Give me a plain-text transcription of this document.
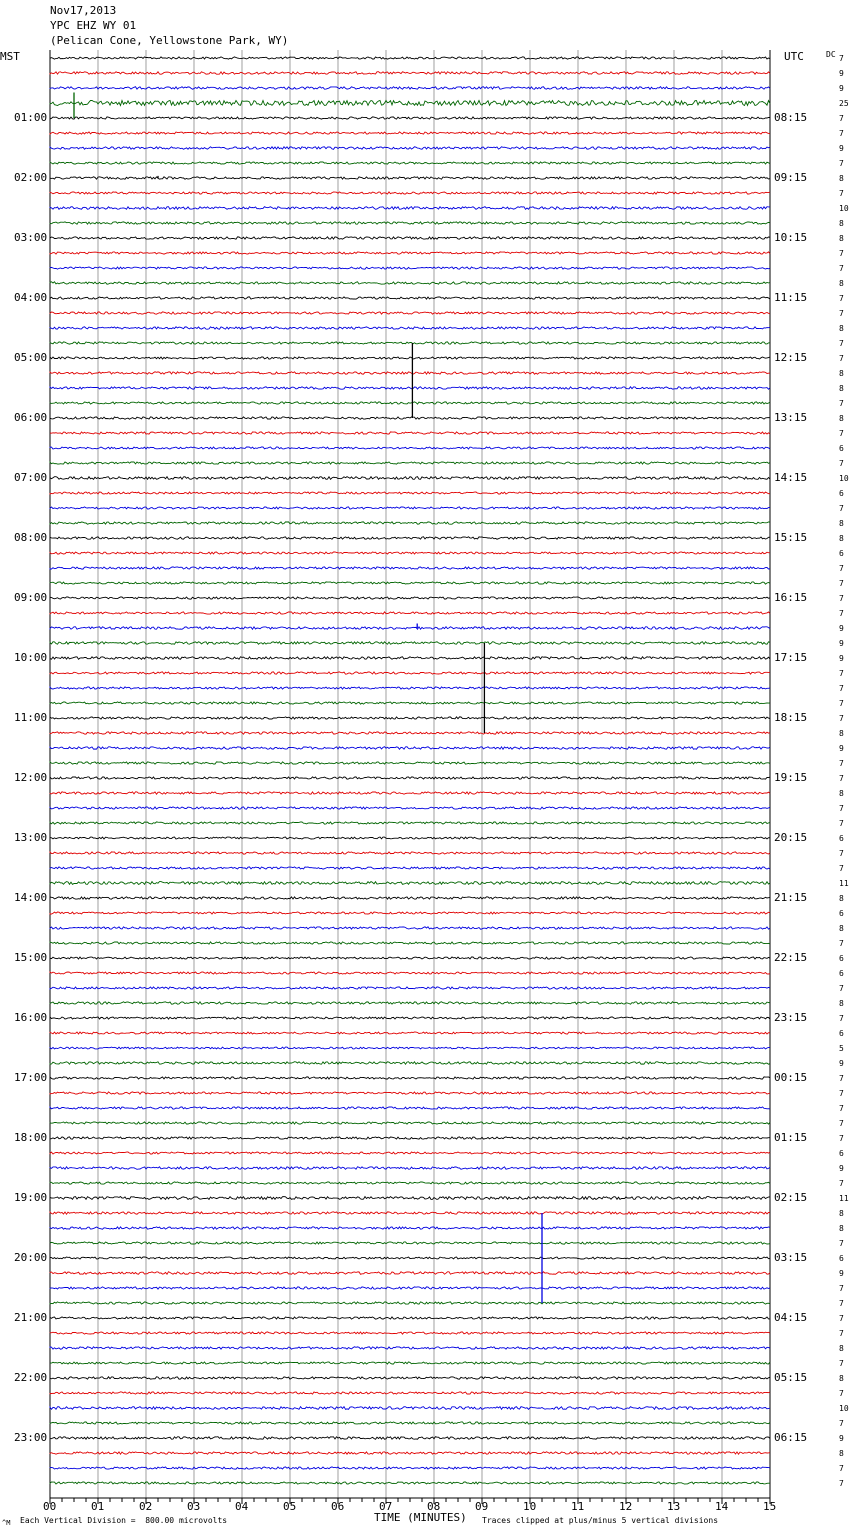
Nov17,2013
YPC EHZ WY 01
(Pelican Cone, Yellowstone Park, WY)
MST	UTC	DC 7
9
9
25
7
01:00	08:15
7
9
7
8
02:00	09:15
7
10
8
8
03:00	10:15
7
7
8
7
04:00	11:15
7
8
7
7
05:00	12:15
8
8
7
8
06:00	13:15
7
6
7
10
07:00	14:15
6
7
8
8
08:00	15:15
6
7
7
7
09:00	16:15
7
9
9
9
10:00	17:15
7
7
7
7
11:00	18:15
8
9
7
7
12:00	19:15
8
7
7
6
13:00	20:15
7
7
11
8
14:00	21:15
6
8
7
6
15:00	22:15
6
7
8
7
16:00	23:15
6
5
9
7
17:00	00:15
7
7
7
7
18:00	01:15
6
9
7
11
19:00	02:15
8
8
7
6
20:00	03:15
9
7
7
7
21:00	04:15
7
8
7
8
22:00	05:15
7
10
7
9
23:00	06:15
8
7
7
00	01	02	03	04	05	06	07	08	09	10	11	12	13	14	15
^M Each Vertical Division =  800.00 microvolts	TIME (MINUTES) Traces clipped at plus/minus 5 vertical divisions
